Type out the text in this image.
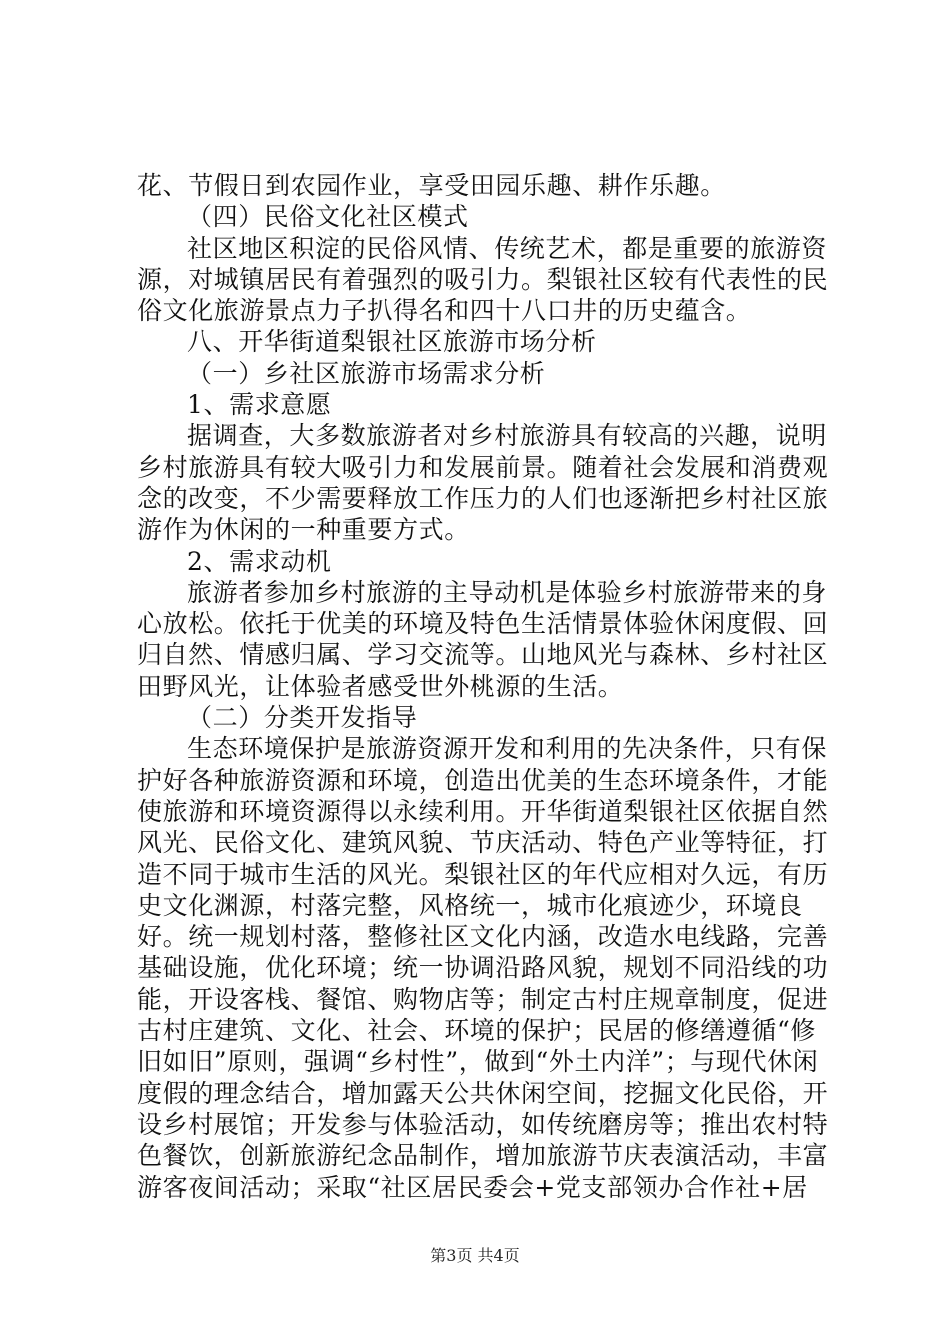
花、节假日到农园作业，享受田园乐趣、耕作乐趣。

（四）民俗文化社区模式

社区地区积淀的民俗风情、传统艺术，都是重要的旅游资源，对城镇居民有着强烈的吸引力。梨银社区较有代表性的民俗文化旅游景点力子扒得名和四十八口井的历史蕴含。

八、开华街道梨银社区旅游市场分析

（一）乡社区旅游市场需求分析

1、需求意愿

据调查，大多数旅游者对乡村旅游具有较高的兴趣，说明乡村旅游具有较大吸引力和发展前景。随着社会发展和消费观念的改变，不少需要释放工作压力的人们也逐渐把乡村社区旅游作为休闲的一种重要方式。

2、需求动机

旅游者参加乡村旅游的主导动机是体验乡村旅游带来的身心放松。依托于优美的环境及特色生活情景体验休闲度假、回归自然、情感归属、学习交流等。山地风光与森林、乡村社区田野风光，让体验者感受世外桃源的生活。

（二）分类开发指导

生态环境保护是旅游资源开发和利用的先决条件，只有保护好各种旅游资源和环境，创造出优美的生态环境条件，才能使旅游和环境资源得以永续利用。开华街道梨银社区依据自然风光、民俗文化、建筑风貌、节庆活动、特色产业等特征，打造不同于城市生活的风光。梨银社区的年代应相对久远，有历史文化渊源，村落完整，风格统一，城市化痕迹少，环境良好。统一规划村落，整修社区文化内涵，改造水电线路，完善基础设施，优化环境；统一协调沿路风貌，规划不同沿线的功能，开设客栈、餐馆、购物店等；制定古村庄规章制度，促进古村庄建筑、文化、社会、环境的保护；民居的修缮遵循“修旧如旧”原则，强调“乡村性”，做到“外土内洋”；与现代休闲度假的理念结合，增加露天公共休闲空间，挖掘文化民俗，开设乡村展馆；开发参与体验活动，如传统磨房等；推出农村特色餐饮，创新旅游纪念品制作，增加旅游节庆表演活动，丰富游客夜间活动；采取“社区居民委会+党支部领办合作社+居

第3页 共4页
